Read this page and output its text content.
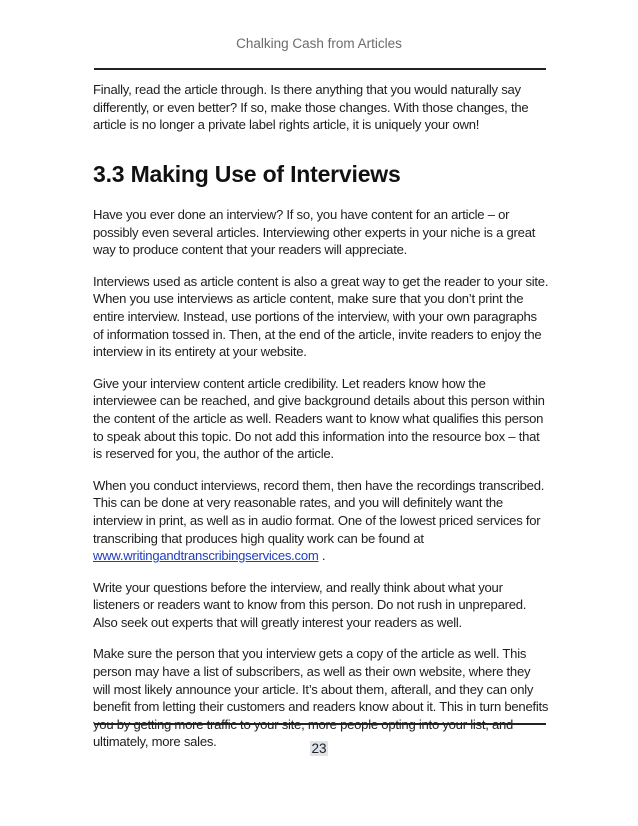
Chalking Cash from Articles

Finally, read the article through. Is there anything that you would naturally say differently, or even better? If so, make those changes. With those changes, the article is no longer a private label rights article, it is uniquely your own!

3.3 Making Use of Interviews

Have you ever done an interview? If so, you have content for an article – or possibly even several articles. Interviewing other experts in your niche is a great way to produce content that your readers will appreciate.

Interviews used as article content is also a great way to get the reader to your site. When you use interviews as article content, make sure that you don’t print the entire interview. Instead, use portions of the interview, with your own paragraphs of information tossed in. Then, at the end of the article, invite readers to enjoy the interview in its entirety at your website.

Give your interview content article credibility. Let readers know how the interviewee can be reached, and give background details about this person within the content of the article as well. Readers want to know what qualifies this person to speak about this topic. Do not add this information into the resource box – that is reserved for you, the author of the article.

When you conduct interviews, record them, then have the recordings transcribed. This can be done at very reasonable rates, and you will definitely want the interview in print, as well as in audio format. One of the lowest priced services for transcribing that produces high quality work can be found at www.writingandtranscribingservices.com .

Write your questions before the interview, and really think about what your listeners or readers want to know from this person. Do not rush in unprepared. Also seek out experts that will greatly interest your readers as well.

Make sure the person that you interview gets a copy of the article as well. This person may have a list of subscribers, as well as their own website, where they will most likely announce your article. It’s about them, afterall, and they can only benefit from letting their customers and readers know about it. This in turn benefits you by getting more traffic to your site, more people opting into your list, and ultimately, more sales.	23
